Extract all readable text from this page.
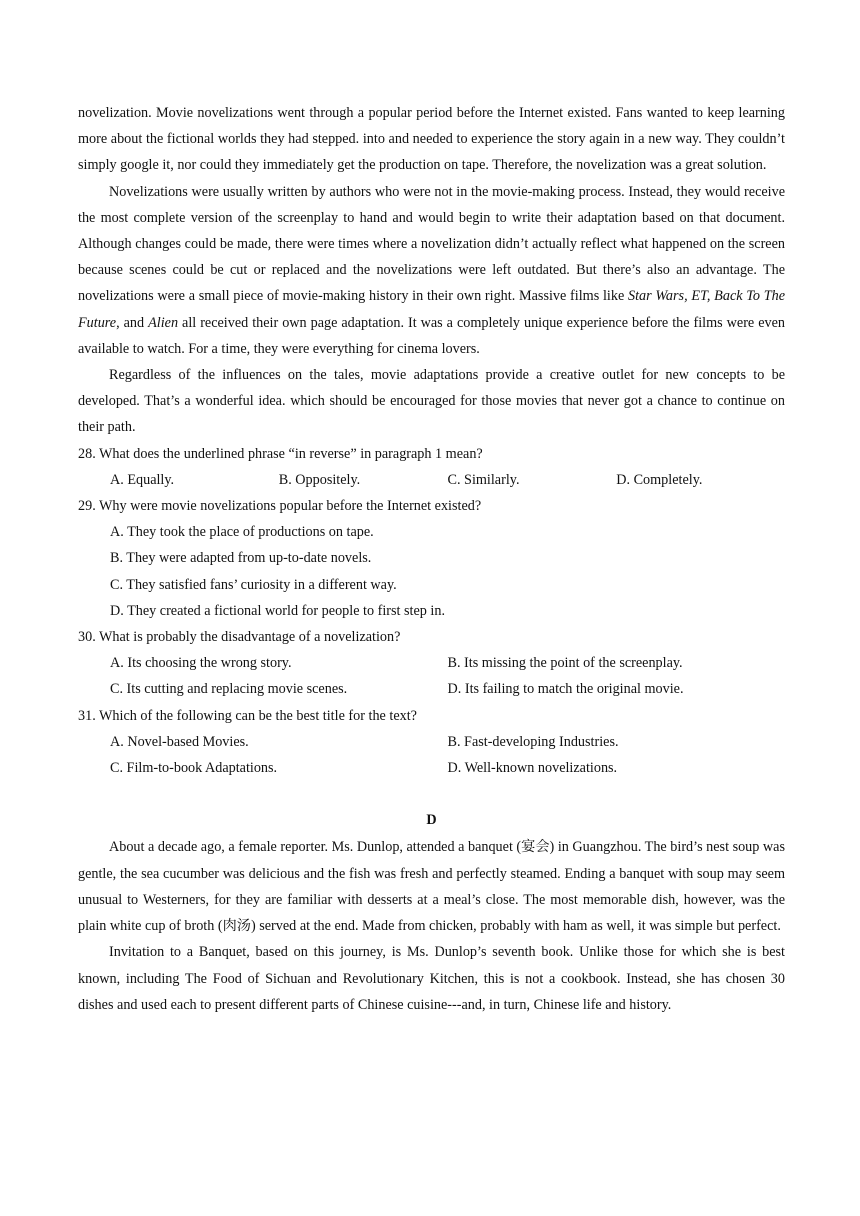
novelization. Movie novelizations went through a popular period before the Internet existed. Fans wanted to keep learning more about the fictional worlds they had stepped. into and needed to experience the story again in a new way. They couldn’t simply google it, nor could they immediately get the production on tape. Therefore, the novelization was a great solution.

Novelizations were usually written by authors who were not in the movie-making process. Instead, they would receive the most complete version of the screenplay to hand and would begin to write their adaptation based on that document. Although changes could be made, there were times where a novelization didn’t actually reflect what happened on the screen because scenes could be cut or replaced and the novelizations were left outdated. But there’s also an advantage. The novelizations were a small piece of movie-making history in their own right. Massive films like Star Wars, ET, Back To The Future, and Alien all received their own page adaptation. It was a completely unique experience before the films were even available to watch. For a time, they were everything for cinema lovers.

Regardless of the influences on the tales, movie adaptations provide a creative outlet for new concepts to be developed. That’s a wonderful idea. which should be encouraged for those movies that never got a chance to continue on their path.

28. What does the underlined phrase “in reverse” in paragraph 1 mean?
A. Equally.	B. Oppositely.	C. Similarly.	D. Completely.
29. Why were movie novelizations popular before the Internet existed?
A. They took the place of productions on tape.
B. They were adapted from up-to-date novels.
C. They satisfied fans’ curiosity in a different way.
D. They created a fictional world for people to first step in.
30. What is probably the disadvantage of a novelization?
A. Its choosing the wrong story.	B. Its missing the point of the screenplay.
C. Its cutting and replacing movie scenes.	D. Its failing to match the original movie.
31. Which of the following can be the best title for the text?
A. Novel-based Movies.	B. Fast-developing Industries.
C. Film-to-book Adaptations.	D. Well-known novelizations.
D

About a decade ago, a female reporter. Ms. Dunlop, attended a banquet (宴会) in Guangzhou. The bird’s nest soup was gentle, the sea cucumber was delicious and the fish was fresh and perfectly steamed. Ending a banquet with soup may seem unusual to Westerners, for they are familiar with desserts at a meal’s close. The most memorable dish, however, was the plain white cup of broth (肉汤) served at the end. Made from chicken, probably with ham as well, it was simple but perfect.

Invitation to a Banquet, based on this journey, is Ms. Dunlop’s seventh book. Unlike those for which she is best known, including The Food of Sichuan and Revolutionary Kitchen, this is not a cookbook. Instead, she has chosen 30 dishes and used each to present different parts of Chinese cuisine---and, in turn, Chinese life and history.
